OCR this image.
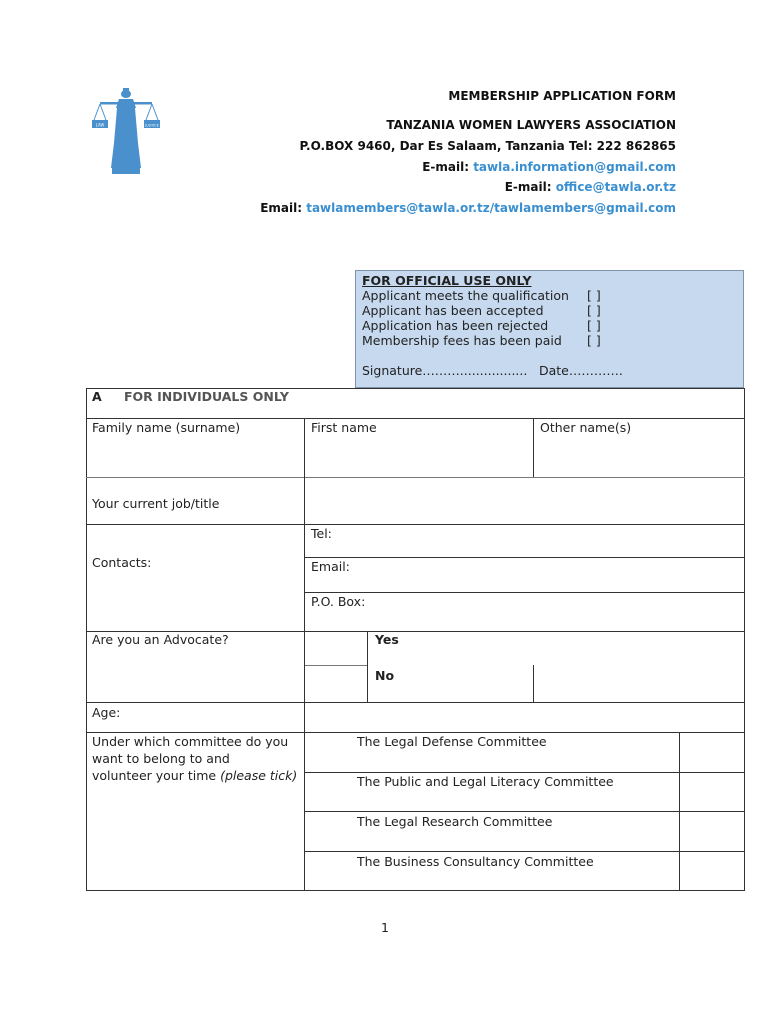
LAW	JUSTICE
MEMBERSHIP APPLICATION FORM
TANZANIA WOMEN LAWYERS ASSOCIATION
P.O.BOX 9460, Dar Es Salaam, Tanzania Tel: 222 862865
E-mail: tawla.information@gmail.com
E-mail: office@tawla.or.tz
Email: tawlamembers@tawla.or.tz/tawlamembers@gmail.com
FOR OFFICIAL USE ONLY
Applicant meets the qualification [ ]
Applicant has been accepted	[ ]
Application has been rejected	[ ]
Membership fees has been paid [ ]
Signature………................. Date………….
A FOR INDIVIDUALS ONLY
Family name (surname)	First name	Other name(s)
Your current job/title
Contacts:
Tel:
Email:
P.O. Box:
Are you an Advocate?	Yes
No
Age:
Under which committee do you
want to belong to and
volunteer your time (please tick)
The Legal Defense Committee
The Public and Legal Literacy Committee
The Legal Research Committee
The Business Consultancy Committee
1
